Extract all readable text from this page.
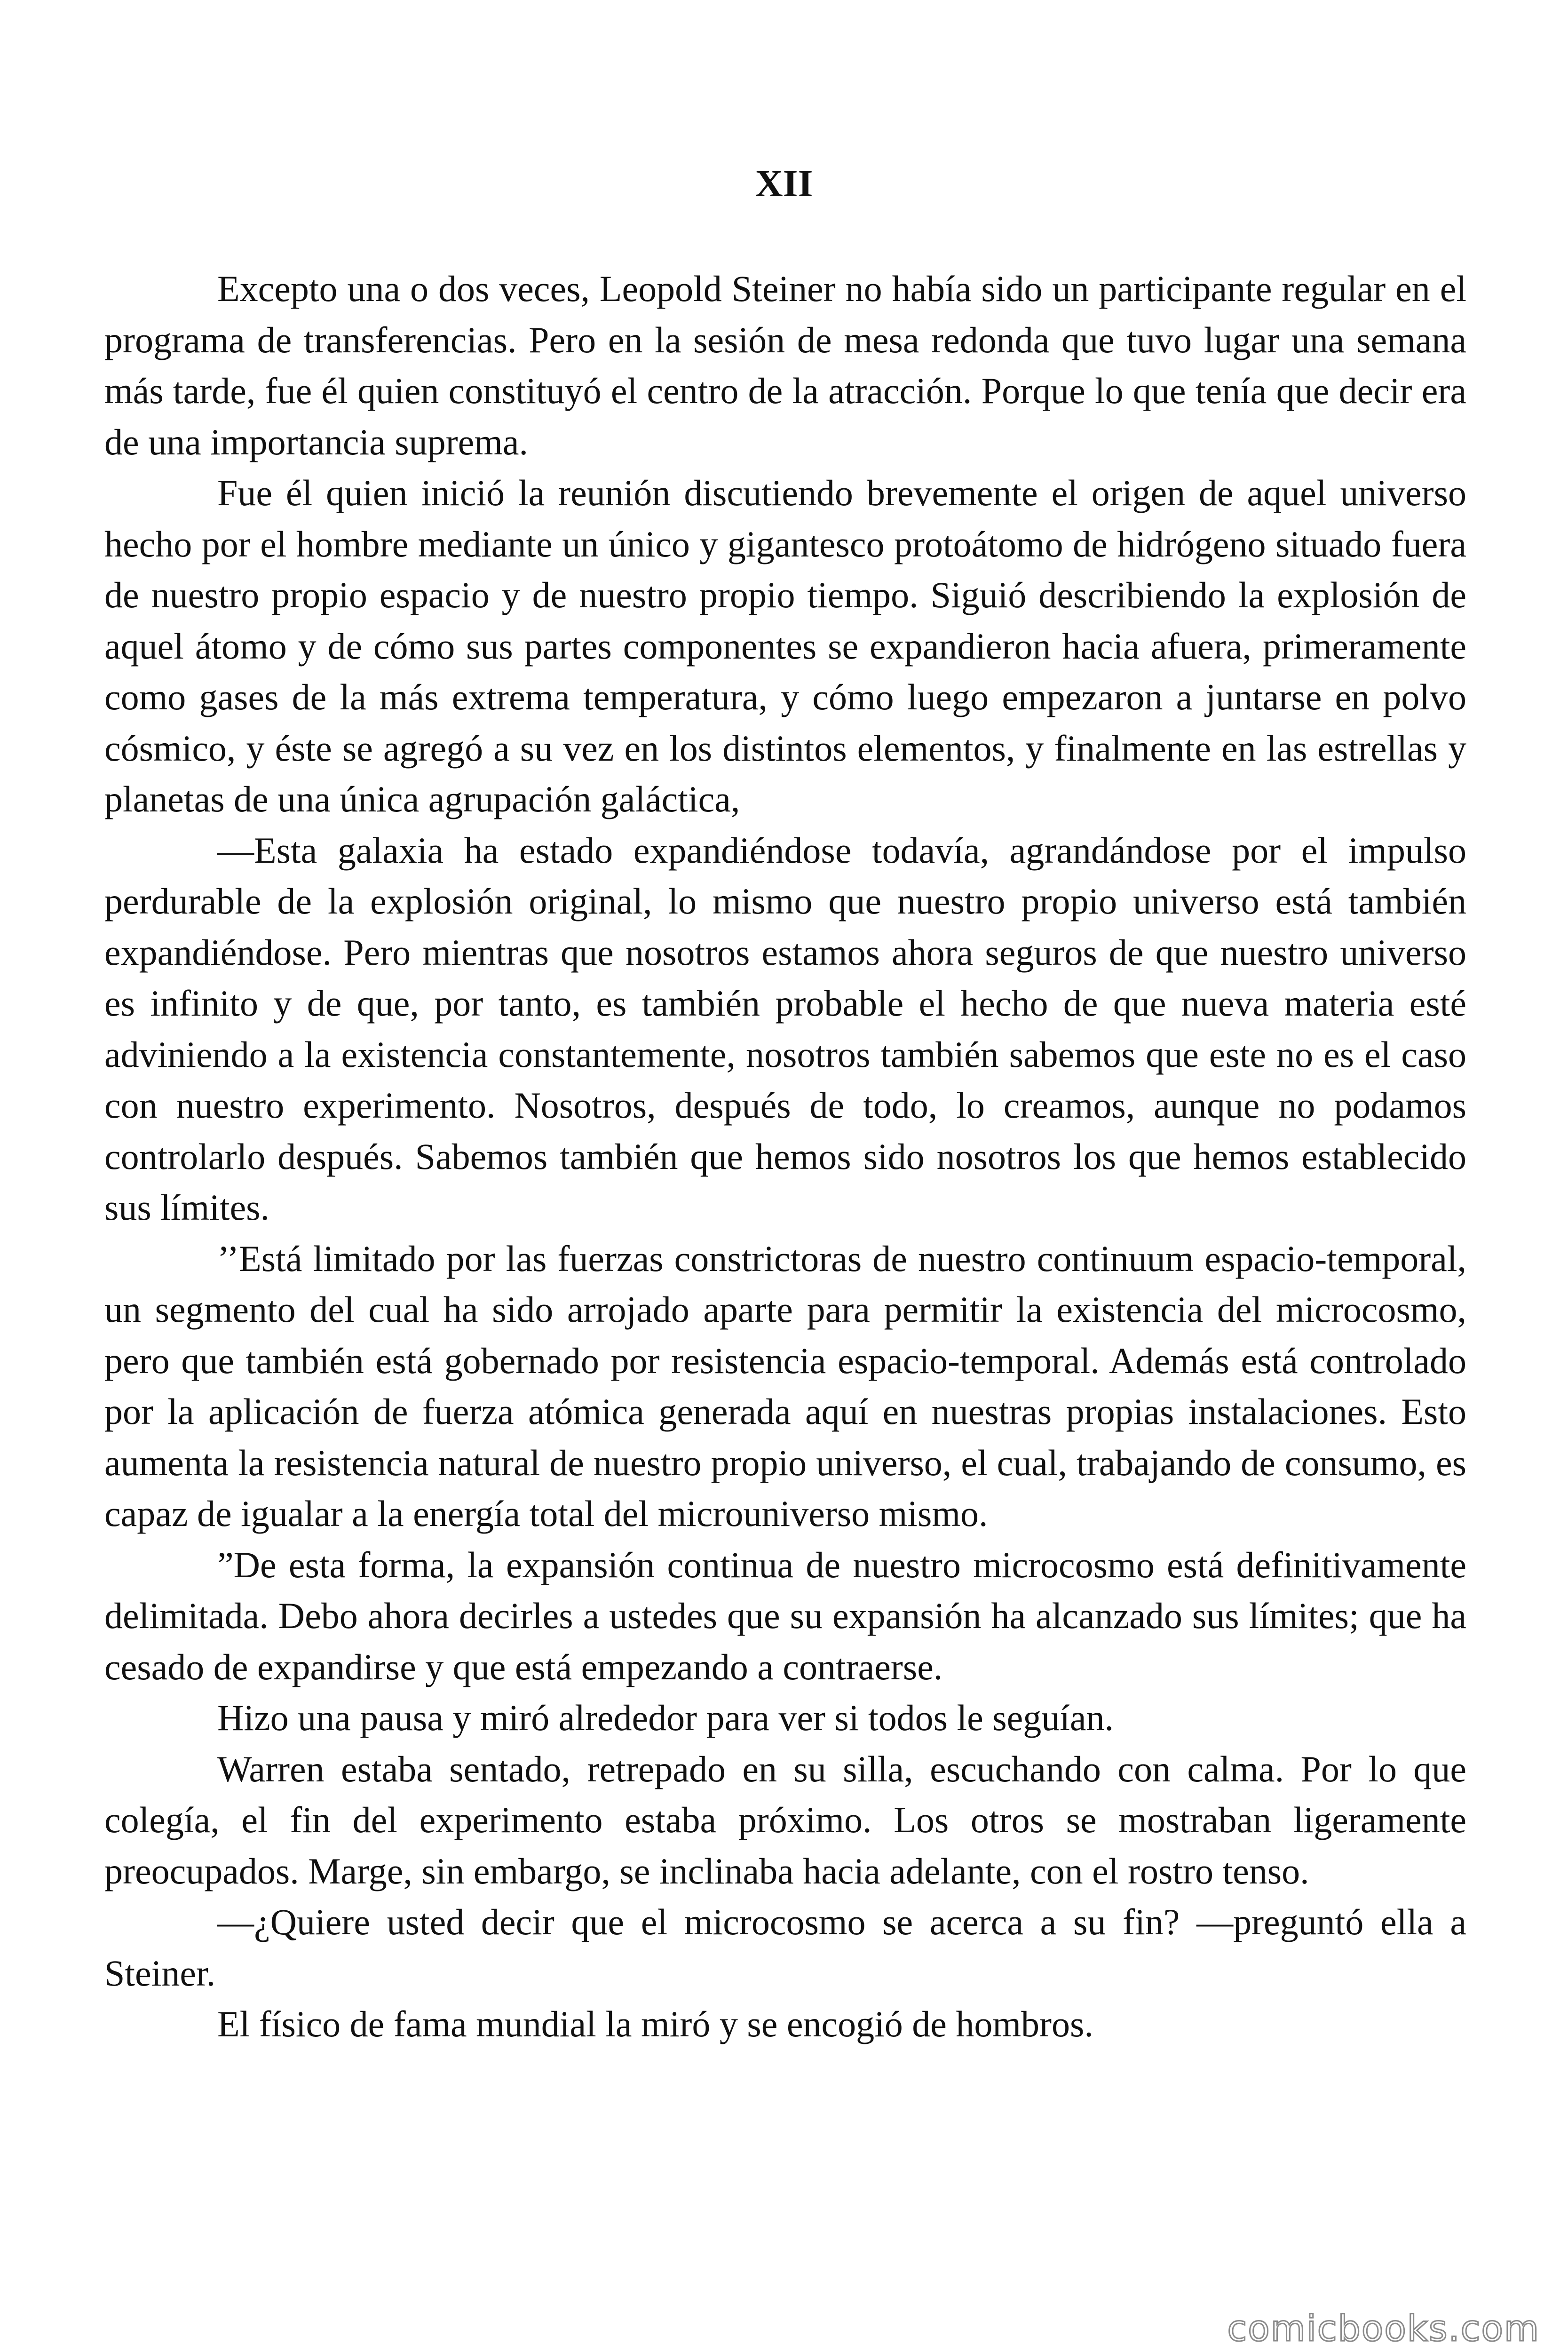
XII

Excepto una o dos veces, Leopold Steiner no había sido un participante regular en el programa de transferencias. Pero en la sesión de mesa redonda que tuvo lugar una semana más tarde, fue él quien constituyó el centro de la atracción. Porque lo que tenía que decir era de una importancia suprema.

Fue él quien inició la reunión discutiendo brevemente el origen de aquel universo hecho por el hombre mediante un único y gigantesco protoátomo de hidrógeno situado fuera de nuestro propio espacio y de nuestro propio tiempo. Siguió describiendo la explosión de aquel átomo y de cómo sus partes componentes se expandieron hacia afuera, primeramente como gases de la más extrema temperatura, y cómo luego empezaron a juntarse en polvo cósmico, y éste se agregó a su vez en los distintos elementos, y finalmente en las estrellas y planetas de una única agrupación galáctica,

—Esta galaxia ha estado expandiéndose todavía, agrandándose por el impulso perdurable de la explosión original, lo mismo que nuestro propio universo está también expandiéndose. Pero mientras que nosotros estamos ahora seguros de que nuestro universo es infinito y de que, por tanto, es también probable el hecho de que nueva materia esté adviniendo a la existencia constantemente, nosotros también sabemos que este no es el caso con nuestro experimento. Nosotros, después de todo, lo creamos, aunque no podamos controlarlo después. Sabemos también que hemos sido nosotros los que hemos establecido sus límites.

’’Está limitado por las fuerzas constrictoras de nuestro continuum espacio-temporal, un segmento del cual ha sido arrojado aparte para permitir la existencia del microcosmo, pero que también está gobernado por resistencia espacio-temporal. Además está controlado por la aplicación de fuerza atómica generada aquí en nuestras propias instalaciones. Esto aumenta la resistencia natural de nuestro propio universo, el cual, trabajando de consumo, es capaz de igualar a la energía total del microuniverso mismo.

”De esta forma, la expansión continua de nuestro microcosmo está definitivamente delimitada. Debo ahora decirles a ustedes que su expansión ha alcanzado sus límites; que ha cesado de expandirse y que está empezando a contraerse.

Hizo una pausa y miró alrededor para ver si todos le seguían.

Warren estaba sentado, retrepado en su silla, escuchando con calma. Por lo que colegía, el fin del experimento estaba próximo. Los otros se mostraban ligeramente preocupados. Marge, sin embargo, se inclinaba hacia adelante, con el rostro tenso.

—¿Quiere usted decir que el microcosmo se acerca a su fin? —preguntó ella a Steiner.

El físico de fama mundial la miró y se encogió de hombros.

comicbooks.com
